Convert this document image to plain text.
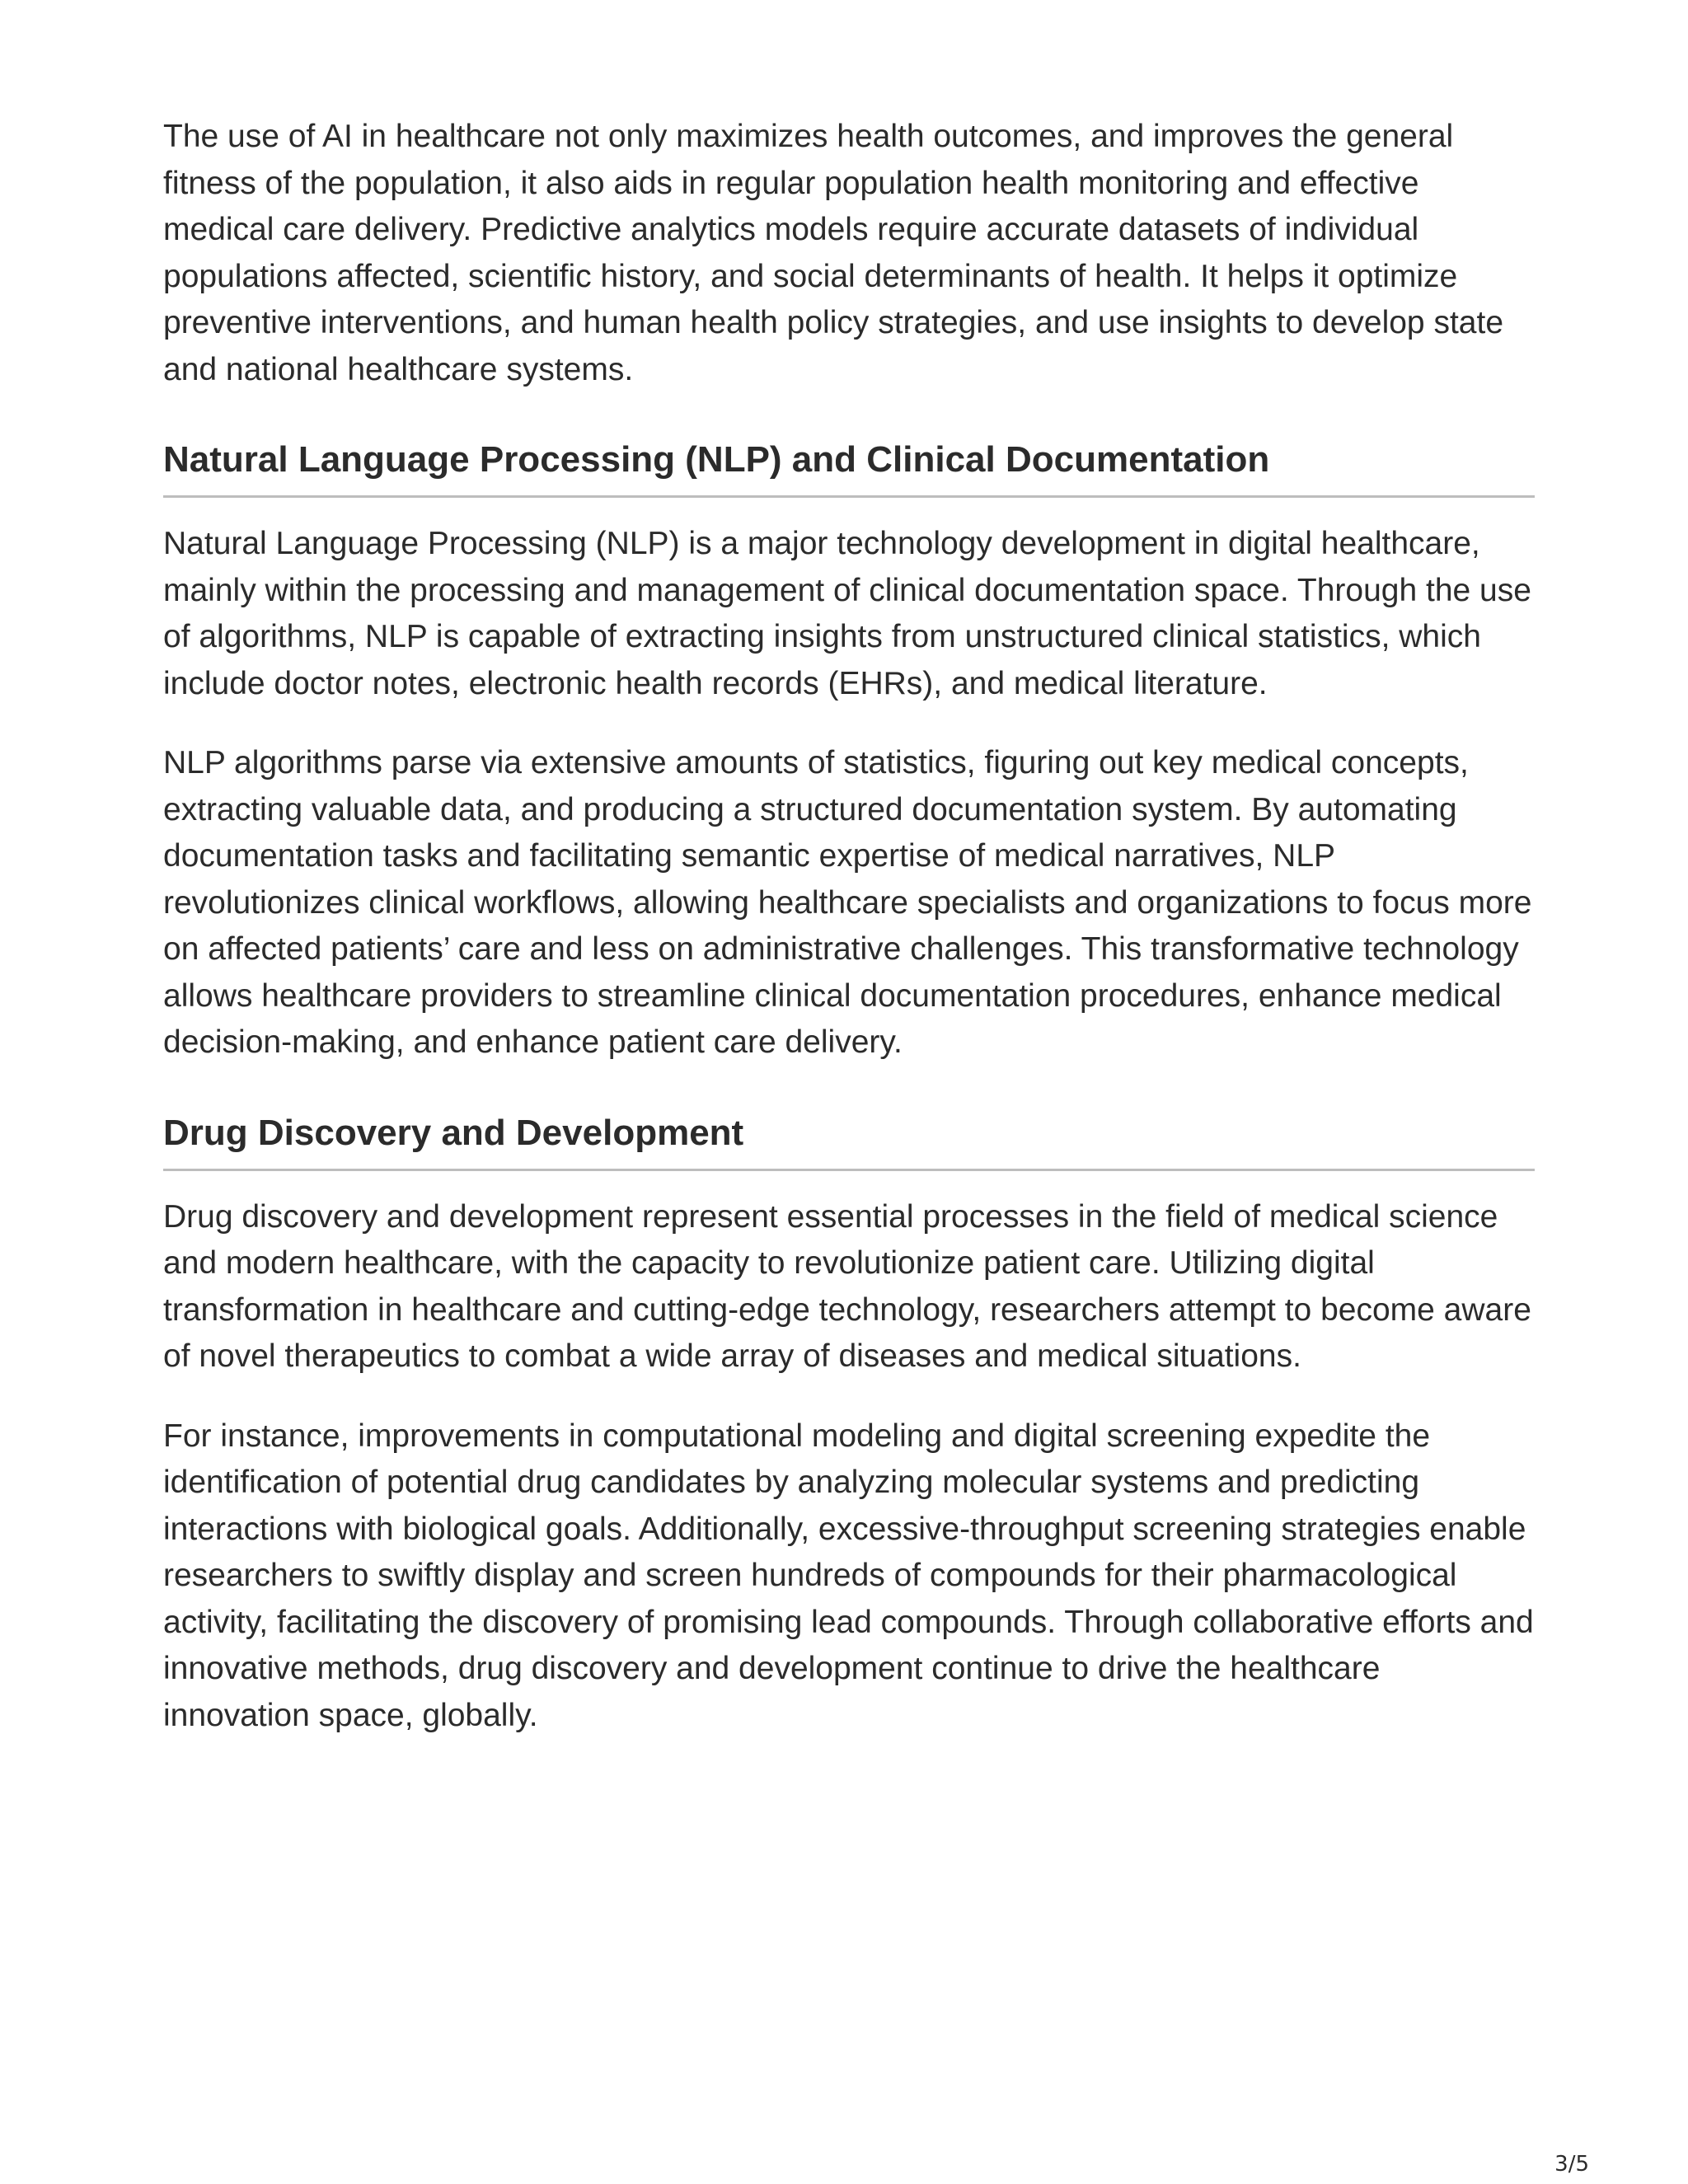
The use of AI in healthcare not only maximizes health outcomes, and improves the general fitness of the population, it also aids in regular population health monitoring and effective medical care delivery. Predictive analytics models require accurate datasets of individual populations affected, scientific history, and social determinants of health. It helps it optimize preventive interventions, and human health policy strategies, and use insights to develop state and national healthcare systems.

Natural Language Processing (NLP) and Clinical Documentation

Natural Language Processing (NLP) is a major technology development in digital healthcare, mainly within the processing and management of clinical documentation space. Through the use of algorithms, NLP is capable of extracting insights from unstructured clinical statistics, which include doctor notes, electronic health records (EHRs), and medical literature.

NLP algorithms parse via extensive amounts of statistics, figuring out key medical concepts, extracting valuable data, and producing a structured documentation system. By automating documentation tasks and facilitating semantic expertise of medical narratives, NLP revolutionizes clinical workflows, allowing healthcare specialists and organizations to focus more on affected patients’ care and less on administrative challenges. This transformative technology allows healthcare providers to streamline clinical documentation procedures, enhance medical decision-making, and enhance patient care delivery.

Drug Discovery and Development

Drug discovery and development represent essential processes in the field of medical science and modern healthcare, with the capacity to revolutionize patient care. Utilizing digital transformation in healthcare and cutting-edge technology, researchers attempt to become aware of novel therapeutics to combat a wide array of diseases and medical situations.

For instance, improvements in computational modeling and digital screening expedite the identification of potential drug candidates by analyzing molecular systems and predicting interactions with biological goals. Additionally, excessive-throughput screening strategies enable researchers to swiftly display and screen hundreds of compounds for their pharmacological activity, facilitating the discovery of promising lead compounds. Through collaborative efforts and innovative methods, drug discovery and development continue to drive the healthcare innovation space, globally.

3/5
